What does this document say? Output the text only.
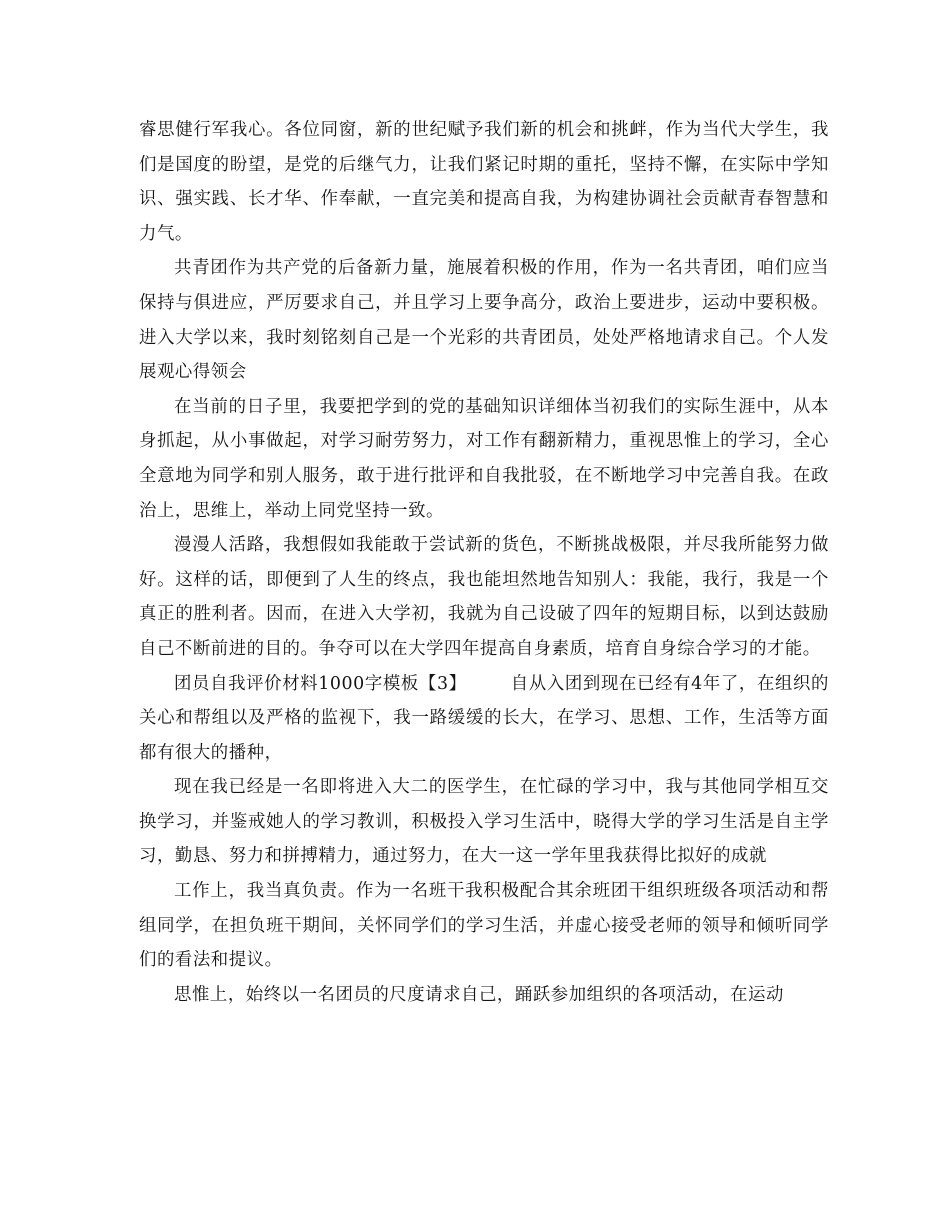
睿思健行军我心。各位同窗，新的世纪赋予我们新的机会和挑衅，作为当代大学生，我们是国度的盼望，是党的后继气力，让我们紧记时期的重托，坚持不懈，在实际中学知识、强实践、长才华、作奉献，一直完美和提高自我，为构建协调社会贡献青春智慧和力气。

共青团作为共产党的后备新力量，施展着积极的作用，作为一名共青团，咱们应当保持与俱进应，严厉要求自己，并且学习上要争高分，政治上要进步，运动中要积极。进入大学以来，我时刻铭刻自己是一个光彩的共青团员，处处严格地请求自己。个人发展观心得领会

在当前的日子里，我要把学到的党的基础知识详细体当初我们的实际生涯中，从本身抓起，从小事做起，对学习耐劳努力，对工作有翻新精力，重视思惟上的学习，全心全意地为同学和别人服务，敢于进行批评和自我批驳，在不断地学习中完善自我。在政治上，思维上，举动上同党坚持一致。

漫漫人活路，我想假如我能敢于尝试新的货色，不断挑战极限，并尽我所能努力做好。这样的话，即便到了人生的终点，我也能坦然地告知别人：我能，我行，我是一个真正的胜利者。因而，在进入大学初，我就为自己设破了四年的短期目标，以到达鼓励自己不断前进的目的。争夺可以在大学四年提高自身素质，培育自身综合学习的才能。

团员自我评价材料1000字模板【3】	自从入团到现在已经有4年了，在组织的关心和帮组以及严格的监视下，我一路缓缓的长大，在学习、思想、工作，生活等方面都有很大的播种，

现在我已经是一名即将进入大二的医学生，在忙碌的学习中，我与其他同学相互交换学习，并鉴戒她人的学习教训，积极投入学习生活中，晓得大学的学习生活是自主学习，勤恳、努力和拼搏精力，通过努力，在大一这一学年里我获得比拟好的成就

工作上，我当真负责。作为一名班干我积极配合其余班团干组织班级各项活动和帮组同学，在担负班干期间，关怀同学们的学习生活，并虚心接受老师的领导和倾听同学们的看法和提议。

思惟上，始终以一名团员的尺度请求自己，踊跃参加组织的各项活动，在运动
